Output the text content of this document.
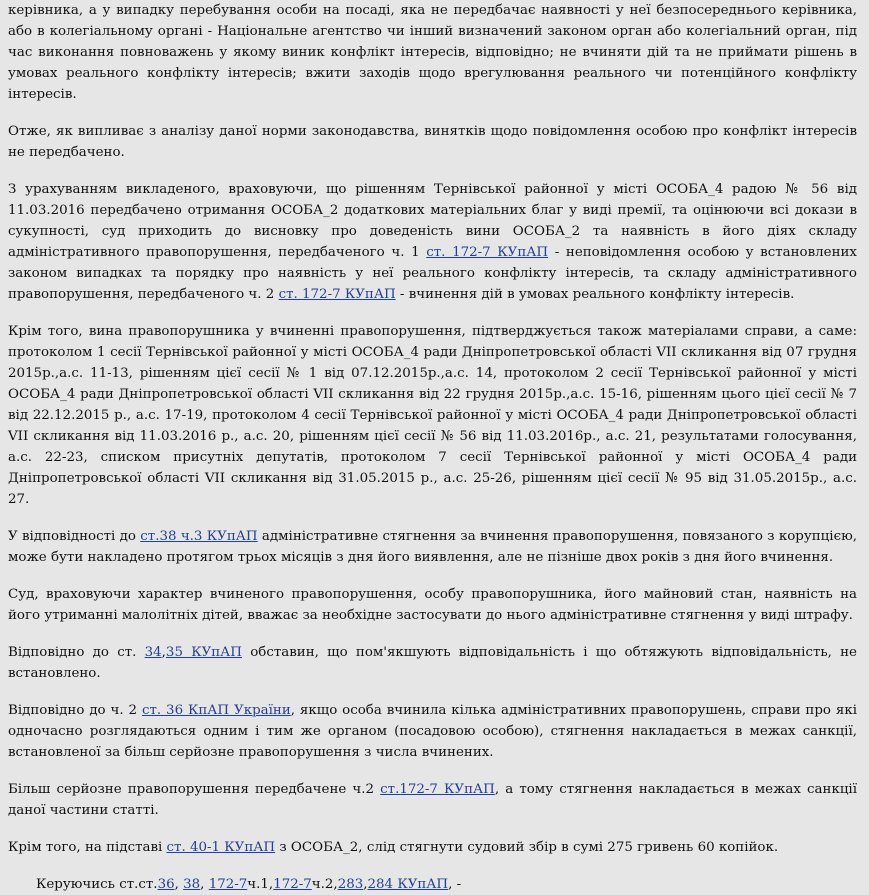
керівника, а у випадку перебування особи на посаді, яка не передбачає наявності у неї безпосереднього керівника, або в колегіальному органі - Національне агентство чи інший визначений законом орган або колегіальний орган, під час виконання повноважень у якому виник конфлікт інтересів, відповідно; не вчиняти дій та не приймати рішень в умовах реального конфлікту інтересів; вжити заходів щодо врегулювання реального чи потенційного конфлікту інтересів.

Отже, як випливає з аналізу даної норми законодавства, винятків щодо повідомлення особою про конфлікт інтересів не передбачено.

З урахуванням викладеного, враховуючи, що рішенням Тернівської районної у місті ОСОБА_4 радою № 56 від 11.03.2016 передбачено отримання ОСОБА_2 додаткових матеріальних благ у виді премії, та оцінюючи всі докази в сукупності, суд приходить до висновку про доведеність вини ОСОБА_2 та наявність в його діях складу адміністративного правопорушення, передбаченого ч. 1 ст. 172-7 КУпАП - неповідомлення особою у встановлених законом випадках та порядку про наявність у неї реального конфлікту інтересів, та складу адміністративного правопорушення, передбаченого ч. 2 ст. 172-7 КУпАП - вчинення дій в умовах реального конфлікту інтересів.

Крім того, вина правопорушника у вчиненні правопорушення, підтверджується також матеріалами справи, а саме: протоколом 1 сесії Тернівської районної у місті ОСОБА_4 ради Дніпропетровської області VII скликання від 07 грудня 2015р.,а.с. 11-13, рішенням цієї сесії № 1 від 07.12.2015р.,а.с. 14, протоколом 2 сесії Тернівської районної у місті ОСОБА_4 ради Дніпропетровської області VII скликання від 22 грудня 2015р.,а.с. 15-16, рішенням цього цієї сесії № 7 від 22.12.2015 р., а.с. 17-19, протоколом 4 сесії Тернівської районної у місті ОСОБА_4 ради Дніпропетровської області VII скликання від 11.03.2016 р., а.с. 20, рішенням цієї сесії № 56 від 11.03.2016р., а.с. 21, результатами голосування, а.с. 22-23, списком присутніх депутатів, протоколом 7 сесії Тернівської районної у місті ОСОБА_4 ради Дніпропетровської області VII скликання від 31.05.2015 р., а.с. 25-26, рішенням цієї сесії № 95 від 31.05.2015р., а.с. 27.

У відповідності до ст.38 ч.3 КУпАП адміністративне стягнення за вчинення правопорушення, повязаного з корупцією, може бути накладено протягом трьох місяців з дня його виявлення, але не пізніше двох років з дня його вчинення.

Суд, враховуючи характер вчиненого правопорушення, особу правопорушника, його майновий стан, наявність на його утриманні малолітніх дітей, вважає за необхідне застосувати до нього адміністративне стягнення у виді штрафу.

Відповідно до ст. 34,35 КУпАП обставин, що пом'якшують відповідальність і що обтяжують відповідальність, не встановлено.

Відповідно до ч. 2 ст. 36 КпАП України, якщо особа вчинила кілька адміністративних правопорушень, справи про які одночасно розглядаються одним і тим же органом (посадовою особою), стягнення накладається в межах санкції, встановленої за більш серйозне правопорушення з числа вчинених.

Більш серйозне правопорушення передбачене ч.2 ст.172-7 КУпАП, а тому стягнення накладається в межах санкції даної частини статті.

Крім того, на підставі ст. 40-1 КУпАП з ОСОБА_2, слід стягнути судовий збір в сумі 275 гривень 60 копійок.

Керуючись ст.ст.36, 38, 172-7ч.1,172-7ч.2,283,284 КУпАП, -
